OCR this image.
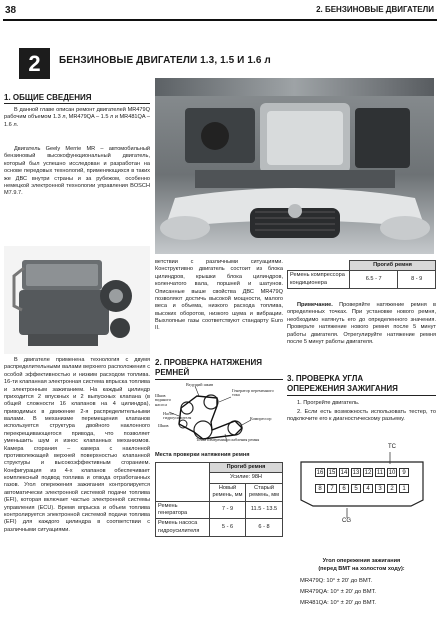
38	2. БЕНЗИНОВЫЕ ДВИГАТЕЛИ
2	БЕНЗИНОВЫЕ ДВИГАТЕЛИ 1.3, 1.5 И 1.6 л
1. ОБЩИЕ СВЕДЕНИЯ
В данной главе описан ремонт двигателей MR479Q рабочим объемом 1.3 л, MR479QA – 1.5 л и MR481QA – 1.6 л.
Двигатель Geely Merrie MR – автомобильный бензиновый высокофункциональный двигатель, который был успешно исследован и разработан на основе передовых технологий, применяющихся в таких же ДВС внутри страны и за рубежом, особенно немецкой электронной технологии управления BOSCH M7.9.7.
В двигателе применена технология с двумя распределительными валами верхнего расположения с особой эффективностью и низким расходом топлива. 16-ти клапанная электронная система впрыска топлива и электронным зажиганием. На каждый цилиндр приходится 2 впускных и 2 выпускных клапана (в общей сложности 16 клапанов на 4 цилиндра), приводимых в движение 2-я распределительными валами. В механизме перемещения клапанов используется структура двойного наклонного перекрещивающегося привода, что позволяет уменьшить шум и износ клапанных механизмов. Камера сгорания – камера с наклонной противолежащей верхней поверхностью клапанной структуры и высокоэффективным сгоранием. Конфигурация из 4-х клапанов обеспечивает комплексный подвод топлива и отвода отработанных газов. Угол опережения зажигания контролируется автоматически электронной системой подачи топлива (EFI), которая включает частью электронной системы управления (ECU). Время впрыска и объем топлива контролируется электронной системой подачи топлива (EFI) для каждого цилиндра в соответствии с различными ситуациями.
ветствии с различными ситуациями. Конструктивно двигатель состоит из блока цилиндров, крышки блока цилиндров, коленчатого вала, поршней и шатунов. Описанные выше свойства ДВС MR479Q позволяют достичь высокой мощности, малого веса и объема, низкого расхода топлива, высоких оборотов, низкого шума и вибрации. Выхлопные газы соответствуют стандарту Euro II.
2. ПРОВЕРКА НАТЯЖЕНИЯ
РЕМНЕЙ
Ведущий шкив
Генератор переменного тока
Шкив водяного насоса
Насос гидроусилителя	Компрессор
Шкив
Точка измерения ослабления ремня
Места проверки натяжения ремня
	Прогиб ремня	
	Усилие: 98Н	
	Новый ремень, мм	Старый ремень, мм
Ремень генератора	7 - 9	11.5 - 13.5
Ремень насоса гидроусилителя	5 - 6	6 - 8
	Прогиб ремня	
Ремень компрессора кондиционера	6.5 - 7	8 - 9
Примечание. Проверяйте натяжение ремня в определенных точках. При установке нового ремня, необходимо натянуть его до определенного значения. Проверьте натяжение нового ремня после 5 минут работы двигателя. Отрегулируйте натяжение ремня после 5 минут работы двигателя.
3. ПРОВЕРКА УГЛА
ОПЕРЕЖЕНИЯ ЗАЖИГАНИЯ
1. Прогрейте двигатель.
2. Если есть возможность использовать тестер, то подключите его к диагностическому разъему.
TC
16 15 14 13 12 11 10	9
8	7	6	5	4	3	2	1
CG
Угол опережения зажигания
(перед ВМТ на холостом ходу):
MR479Q: 10° ± 20' до ВМТ.
MR479QA: 10° ± 20' до ВМТ.
MR481QA: 10° ± 20' до ВМТ.
